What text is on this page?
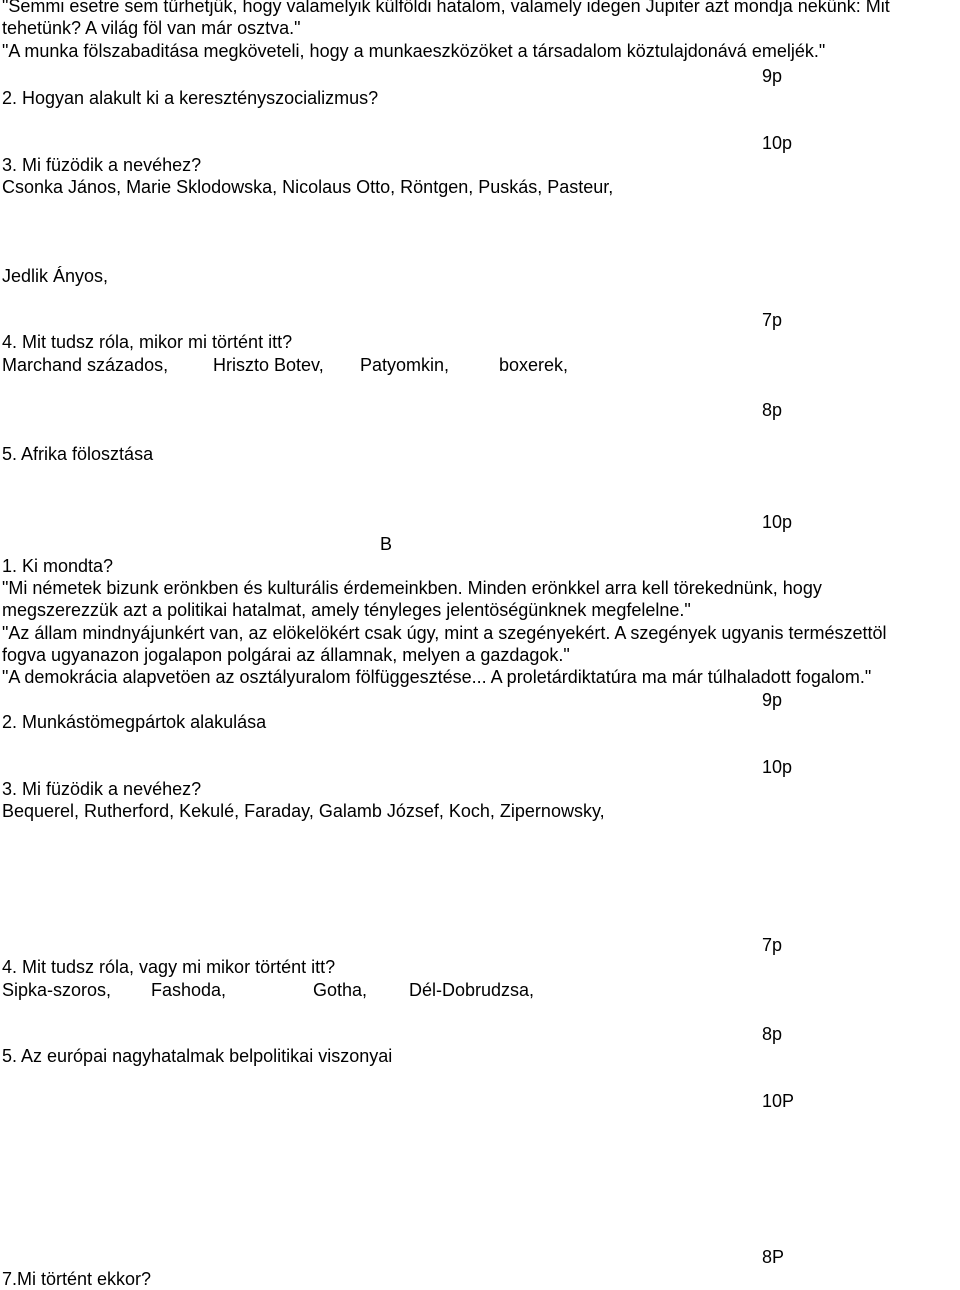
"Semmi esetre sem tűrhetjük, hogy valamelyik külföldi hatalom, valamely idegen Jupiter azt mondja nekünk: Mit
tehetünk? A világ föl van már osztva."
"A munka fölszabaditása megköveteli, hogy a munkaeszközöket a társadalom köztulajdonává emeljék."
9p
2. Hogyan alakult ki a keresztényszocializmus?
10p
3. Mi füzödik a nevéhez?
Csonka János, Marie Sklodowska, Nicolaus Otto, Röntgen, Puskás, Pasteur,
Jedlik Ányos,
7p
4. Mit tudsz róla, mikor mi történt itt?
Marchand százados, Hriszto Botev, Patyomkin,	boxerek,
8p
5. Afrika fölosztása
10p
B
1. Ki mondta?
"Mi németek bizunk erönkben és kulturális érdemeinkben. Minden erönkkel arra kell törekednünk, hogy
megszerezzük azt a politikai hatalmat, amely tényleges jelentöségünknek megfelelne."
"Az állam mindnyájunkért van, az elökelökért csak úgy, mint a szegényekért. A szegények ugyanis természettöl
fogva ugyanazon jogalapon polgárai az államnak, melyen a gazdagok."
"A demokrácia alapvetöen az osztályuralom fölfüggesztése... A proletárdiktatúra ma már túlhaladott fogalom."
9p
2. Munkástömegpártok alakulása
10p
3. Mi füzödik a nevéhez?
Bequerel, Rutherford, Kekulé, Faraday, Galamb József, Koch, Zipernowsky,
7p
4. Mit tudsz róla, vagy mi mikor történt itt?
Sipka-szoros, Fashoda,	Gotha, Dél-Dobrudzsa,
8p
5. Az európai nagyhatalmak belpolitikai viszonyai
10P
8P
7.Mi történt ekkor?
